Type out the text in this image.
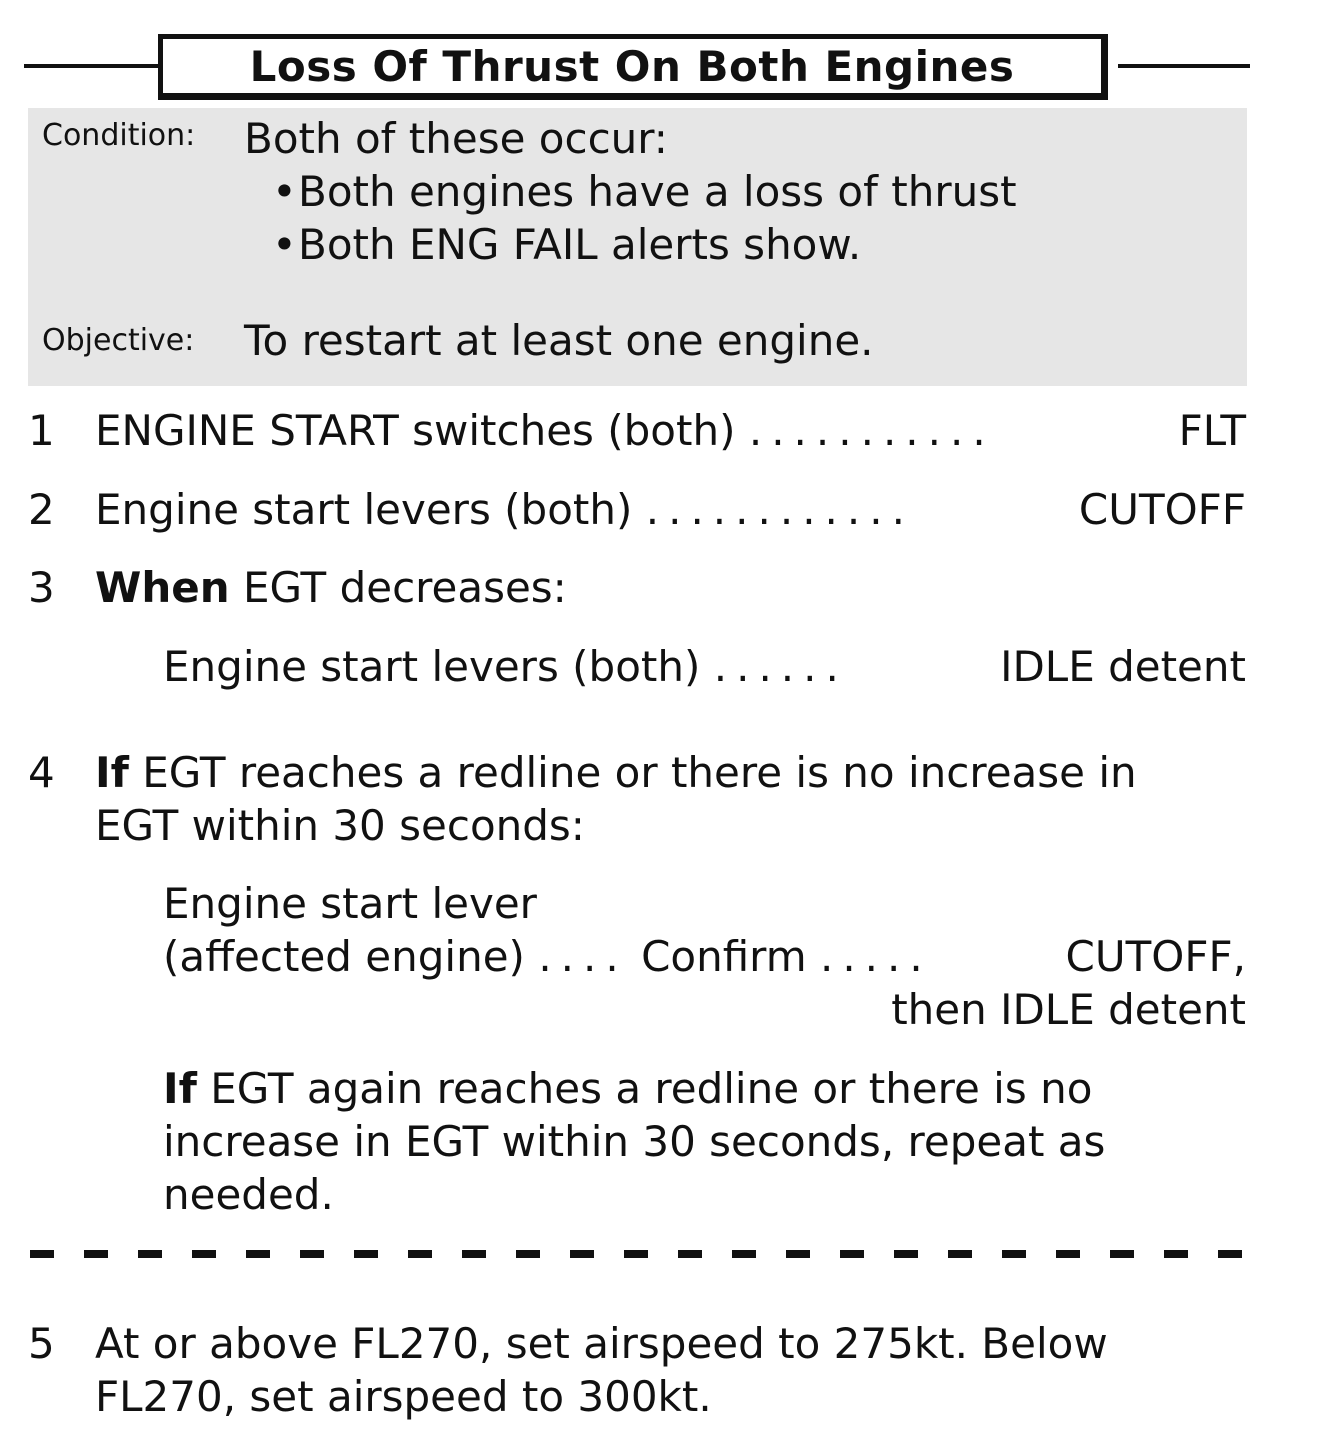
Loss Of Thrust On Both Engines
Condition: Both of these occur:
• Both engines have a loss of thrust
• Both ENG FAIL alerts show.
Objective: To restart at least one engine.
1 ENGINE START switches (both) ...........	FLT
2 Engine start levers (both) ............	CUTOFF
3 When EGT decreases:
Engine start levers (both) ......	IDLE detent
4 If EGT reaches a redline or there is no increase in
EGT within 30 seconds:
Engine start lever
(affected engine) .... Confirm .....	CUTOFF,
then IDLE detent
If EGT again reaches a redline or there is no
increase in EGT within 30 seconds, repeat as
needed.
5 At or above FL270, set airspeed to 275kt. Below
FL270, set airspeed to 300kt.
